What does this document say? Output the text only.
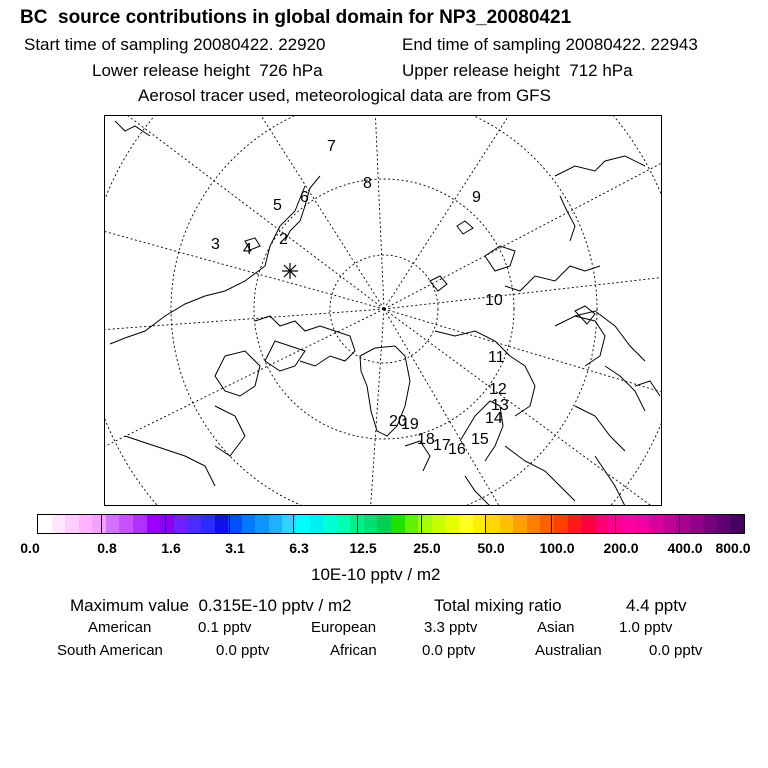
BC  source contributions in global domain for NP3_20080421
Start time of sampling 20080422. 22920	End time of sampling 20080422. 22943
Lower release height  726 hPa	Upper release height  712 hPa
Aerosol tracer used, meteorological data are from GFS
7
8
5 6	9
3 4
2
10
11
12
13
14
20
19
18
17
16
15
0.0	0.8	1.6	3.1	6.3	12.5	25.0	50.0 100.0 200.0 400.0 800.0
10E-10 pptv / m2
Maximum value  0.315E-10 pptv / m2	Total mixing ratio	4.4 pptv
American	0.1 pptv	European	3.3 pptv	Asian	1.0 pptv
South American	0.0 pptv	African	0.0 pptv	Australian	0.0 pptv
